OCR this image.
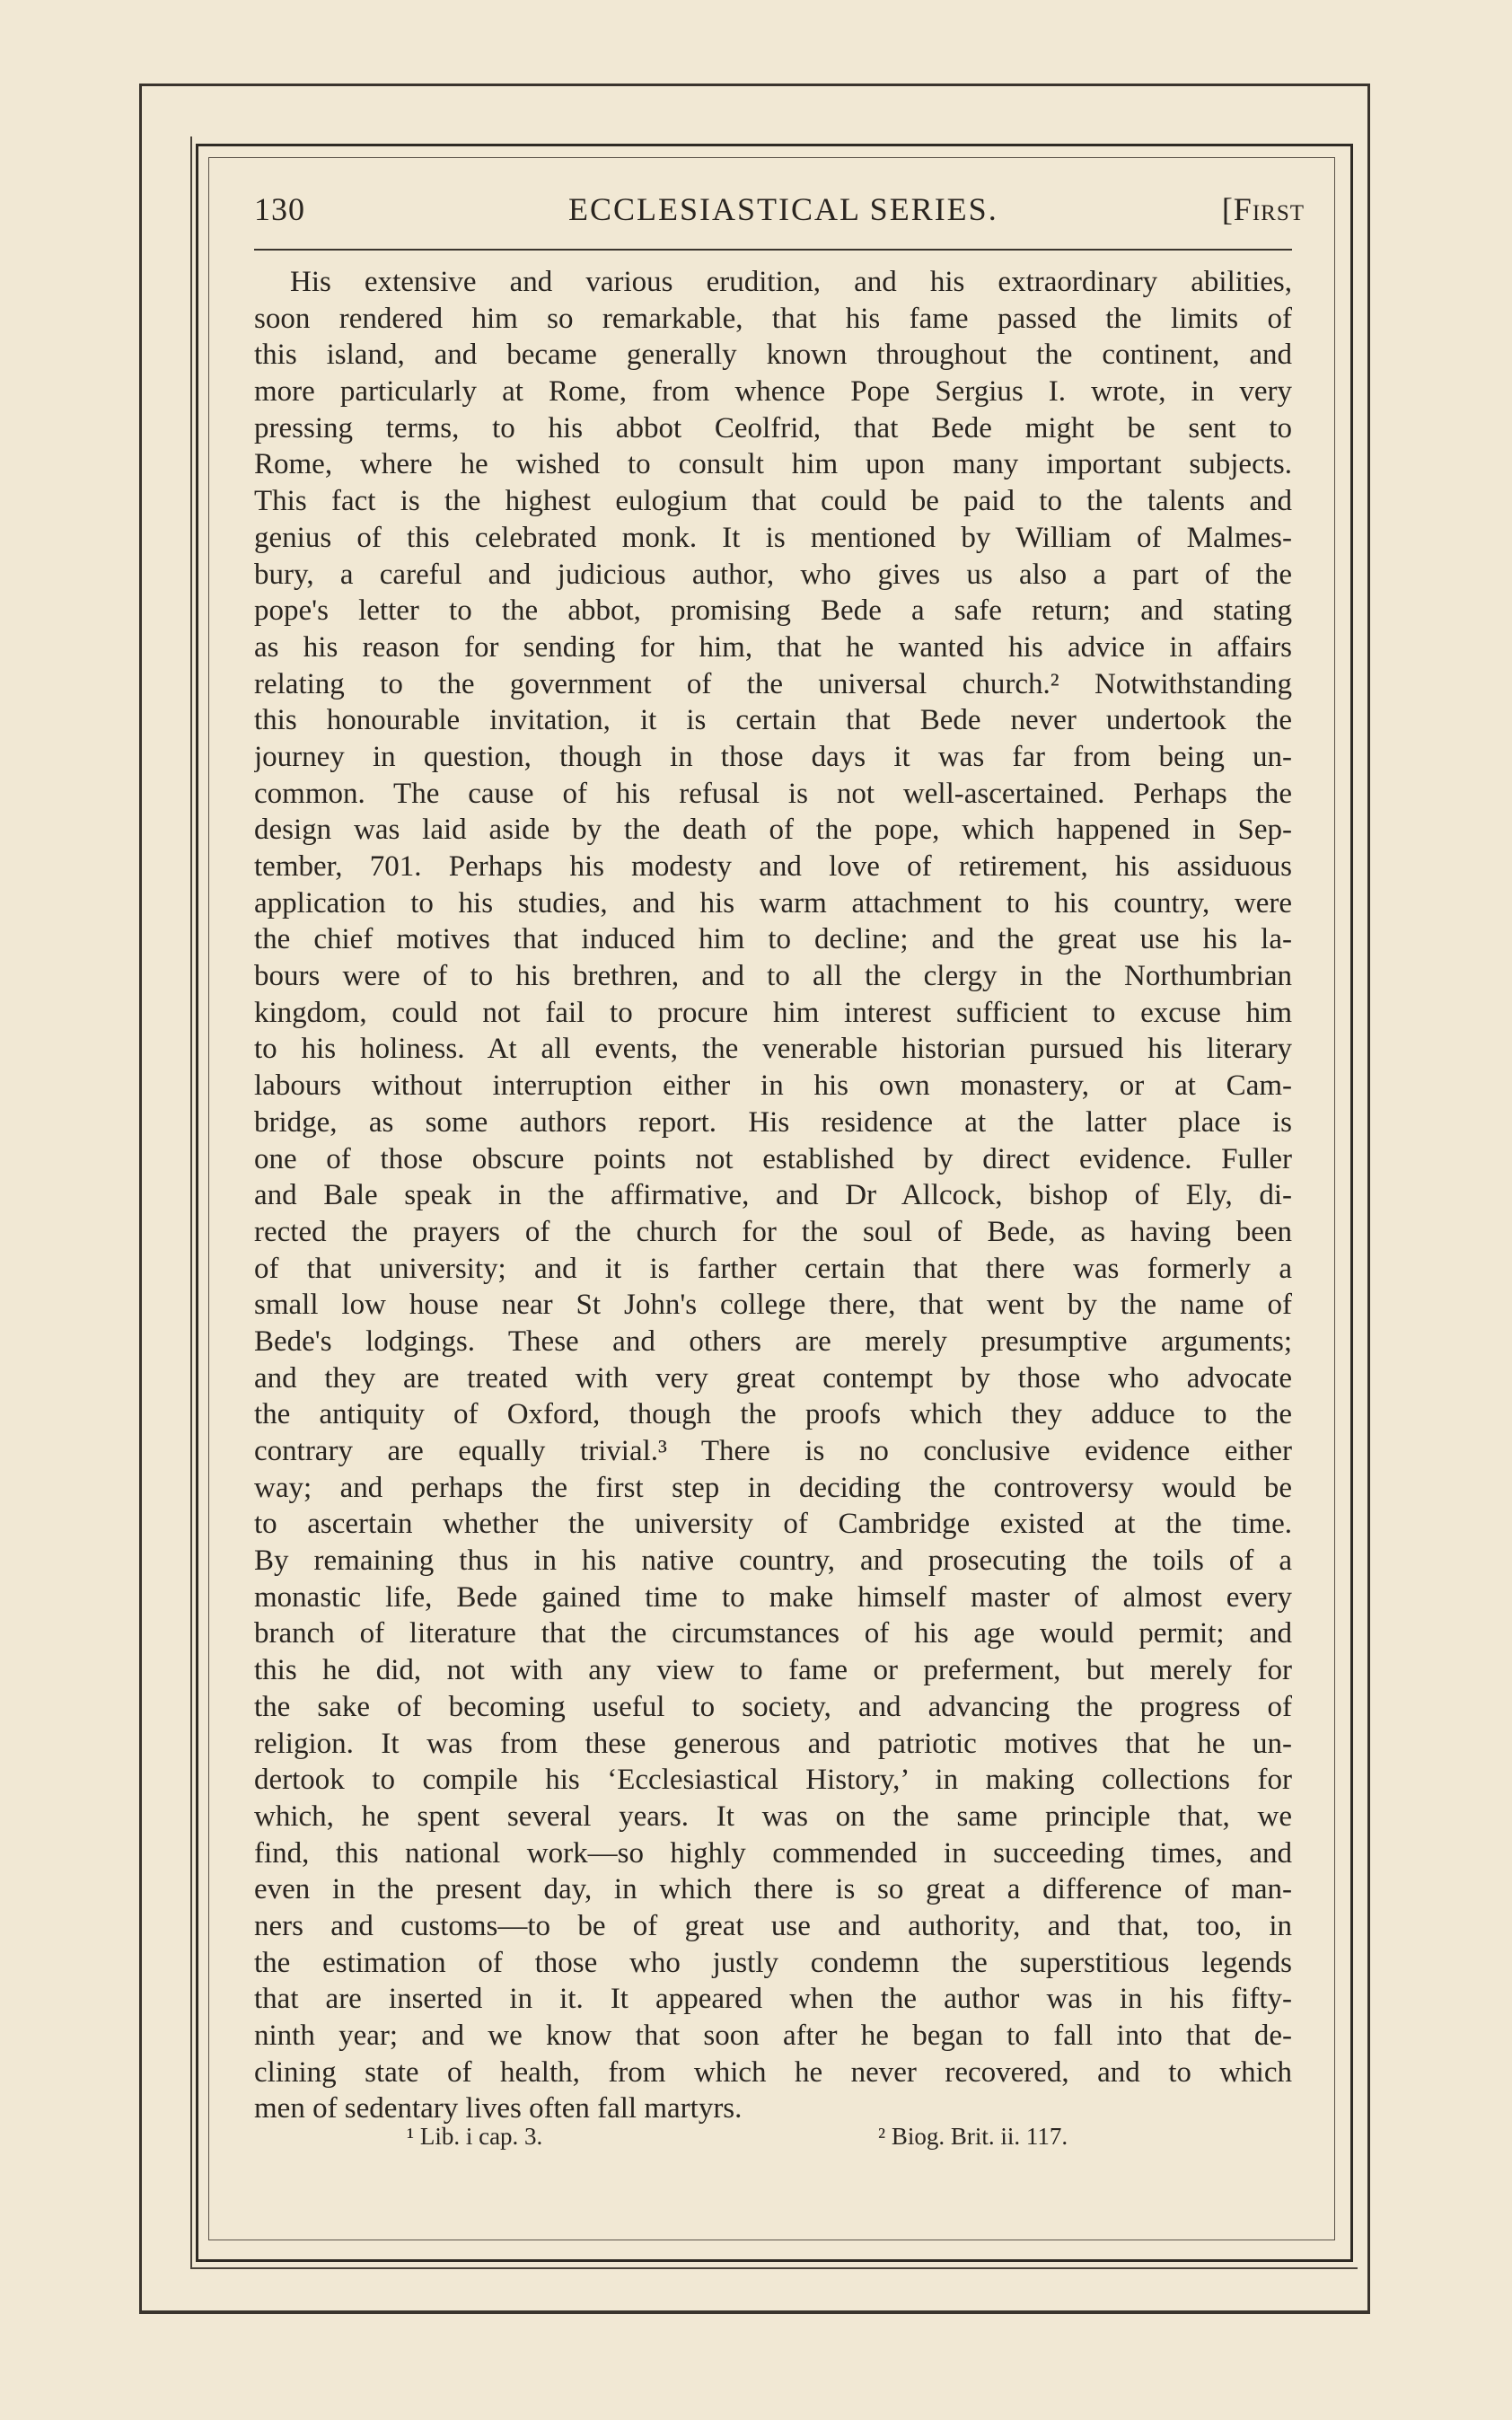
130	ECCLESIASTICAL SERIES.	[First
His extensive and various erudition, and his extraordinary abilities,
soon rendered him so remarkable, that his fame passed the limits of
this island, and became generally known throughout the continent, and
more particularly at Rome, from whence Pope Sergius I. wrote, in very
pressing terms, to his abbot Ceolfrid, that Bede might be sent to
Rome, where he wished to consult him upon many important subjects.
This fact is the highest eulogium that could be paid to the talents and
genius of this celebrated monk. It is mentioned by William of Malmes-
bury, a careful and judicious author, who gives us also a part of the
pope's letter to the abbot, promising Bede a safe return; and stating
as his reason for sending for him, that he wanted his advice in affairs
relating to the government of the universal church.² Notwithstanding
this honourable invitation, it is certain that Bede never undertook the
journey in question, though in those days it was far from being un-
common. The cause of his refusal is not well-ascertained. Perhaps the
design was laid aside by the death of the pope, which happened in Sep-
tember, 701. Perhaps his modesty and love of retirement, his assiduous
application to his studies, and his warm attachment to his country, were
the chief motives that induced him to decline; and the great use his la-
bours were of to his brethren, and to all the clergy in the Northumbrian
kingdom, could not fail to procure him interest sufficient to excuse him
to his holiness. At all events, the venerable historian pursued his literary
labours without interruption either in his own monastery, or at Cam-
bridge, as some authors report. His residence at the latter place is
one of those obscure points not established by direct evidence. Fuller
and Bale speak in the affirmative, and Dr Allcock, bishop of Ely, di-
rected the prayers of the church for the soul of Bede, as having been
of that university; and it is farther certain that there was formerly a
small low house near St John's college there, that went by the name of
Bede's lodgings. These and others are merely presumptive arguments;
and they are treated with very great contempt by those who advocate
the antiquity of Oxford, though the proofs which they adduce to the
contrary are equally trivial.³ There is no conclusive evidence either
way; and perhaps the first step in deciding the controversy would be
to ascertain whether the university of Cambridge existed at the time.
By remaining thus in his native country, and prosecuting the toils of a
monastic life, Bede gained time to make himself master of almost every
branch of literature that the circumstances of his age would permit; and
this he did, not with any view to fame or preferment, but merely for
the sake of becoming useful to society, and advancing the progress of
religion. It was from these generous and patriotic motives that he un-
dertook to compile his ‘Ecclesiastical History,’ in making collections for
which, he spent several years. It was on the same principle that, we
find, this national work—so highly commended in succeeding times, and
even in the present day, in which there is so great a difference of man-
ners and customs—to be of great use and authority, and that, too, in
the estimation of those who justly condemn the superstitious legends
that are inserted in it. It appeared when the author was in his fifty-
ninth year; and we know that soon after he began to fall into that de-
clining state of health, from which he never recovered, and to which
men of sedentary lives often fall martyrs.
¹ Lib. i cap. 3.	² Biog. Brit. ii. 117.
